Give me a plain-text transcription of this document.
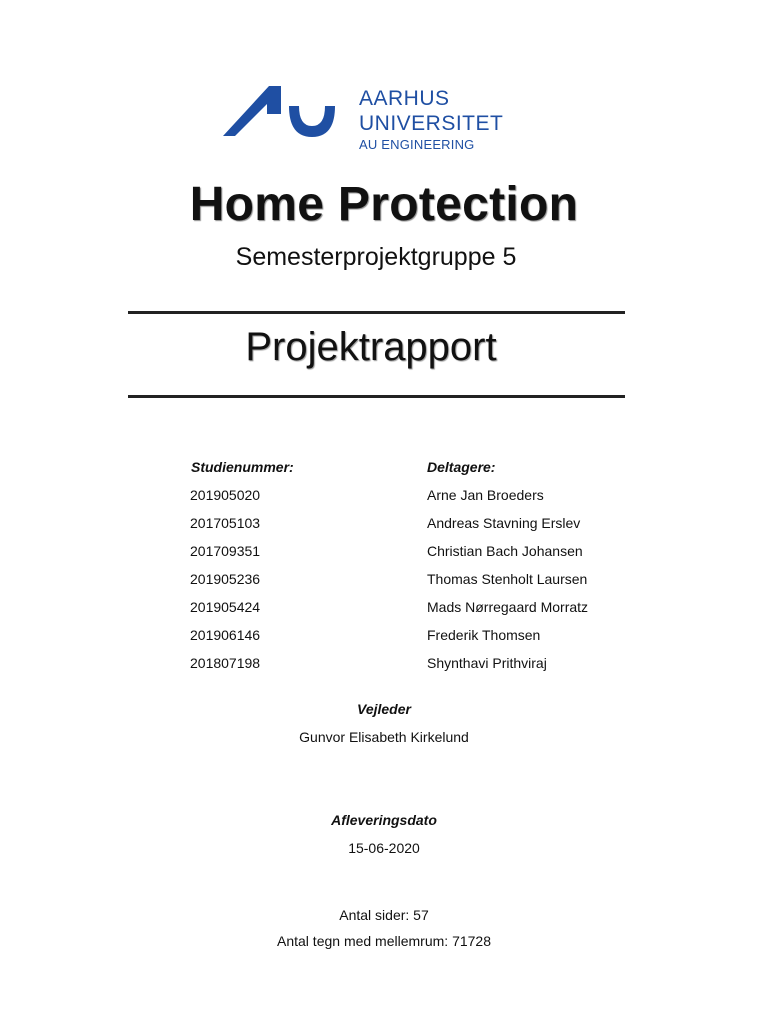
AARHUS
UNIVERSITET
AU ENGINEERING
Home Protection
Semesterprojektgruppe 5
Projektrapport
Studienummer:	Deltagere:
201905020	Arne Jan Broeders
201705103	Andreas Stavning Erslev
201709351	Christian Bach Johansen
201905236	Thomas Stenholt Laursen
201905424	Mads Nørregaard Morratz
201906146	Frederik Thomsen
201807198	Shynthavi Prithviraj
Vejleder
Gunvor Elisabeth Kirkelund
Afleveringsdato
15-06-2020
Antal sider: 57
Antal tegn med mellemrum: 71728
